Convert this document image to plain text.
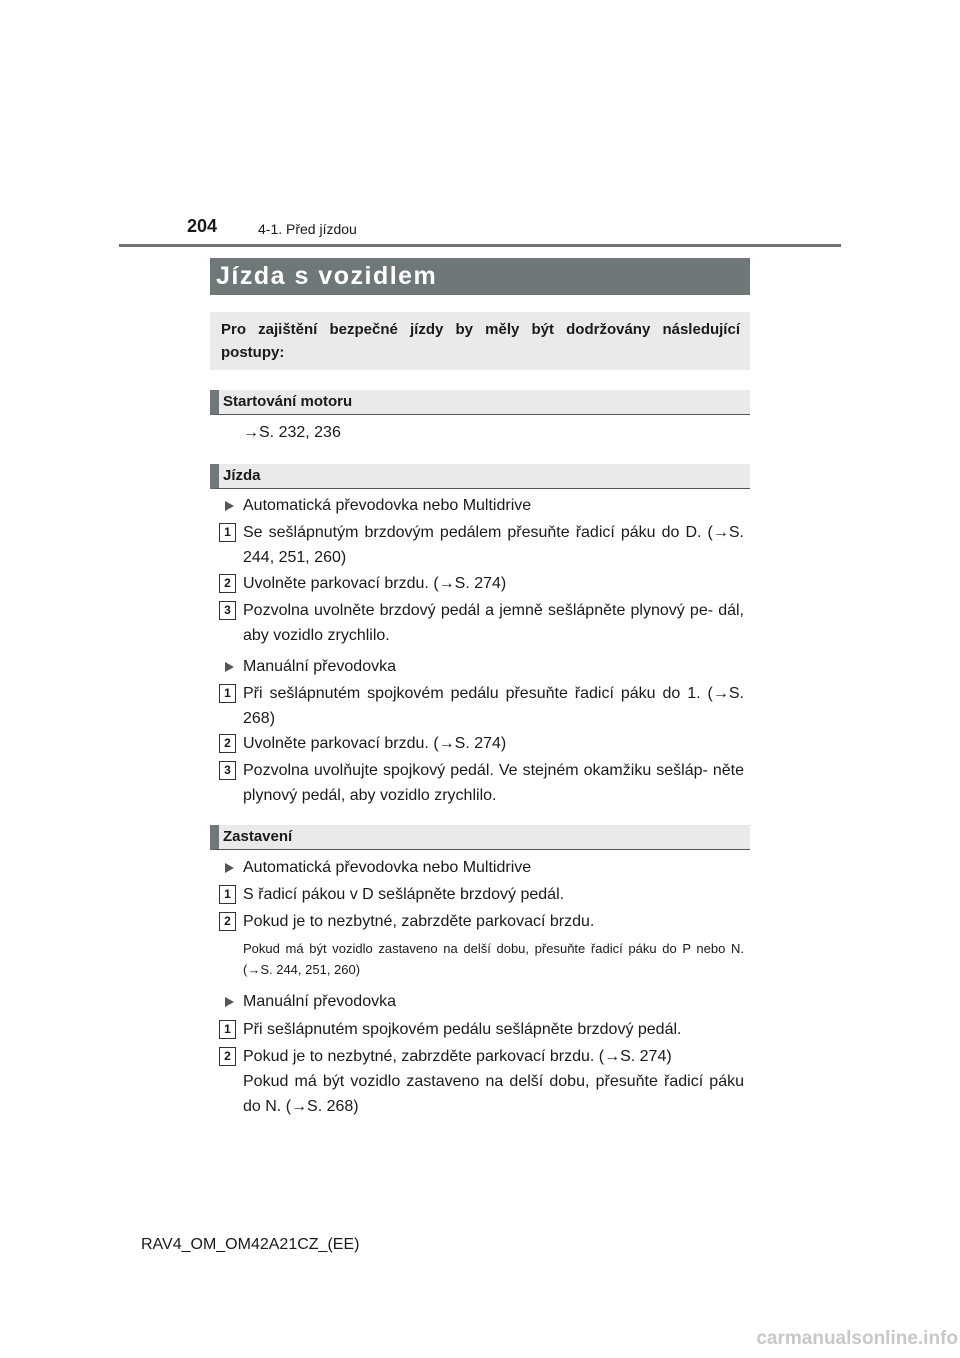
204	4-1. Před jízdou
Jízda s vozidlem
Pro zajištění bezpečné jízdy by měly být dodržovány následující postupy:
Startování motoru
→S. 232, 236
Jízda
Automatická převodovka nebo Multidrive
1 Se sešlápnutým brzdovým pedálem přesuňte řadicí páku do D. (→S. 244, 251, 260)
2 Uvolněte parkovací brzdu. (→S. 274)
3 Pozvolna uvolněte brzdový pedál a jemně sešlápněte plynový pe- dál, aby vozidlo zrychlilo.
Manuální převodovka
1 Při sešlápnutém spojkovém pedálu přesuňte řadicí páku do 1. (→S. 268)
2 Uvolněte parkovací brzdu. (→S. 274)
3 Pozvolna uvolňujte spojkový pedál. Ve stejném okamžiku sešláp- něte plynový pedál, aby vozidlo zrychlilo.
Zastavení
Automatická převodovka nebo Multidrive
1 S řadicí pákou v D sešlápněte brzdový pedál.
2 Pokud je to nezbytné, zabrzděte parkovací brzdu.
Pokud má být vozidlo zastaveno na delší dobu, přesuňte řadicí páku do P nebo N. (→S. 244, 251, 260)
Manuální převodovka
1 Při sešlápnutém spojkovém pedálu sešlápněte brzdový pedál.
2 Pokud je to nezbytné, zabrzděte parkovací brzdu. (→S. 274)
Pokud má být vozidlo zastaveno na delší dobu, přesuňte řadicí páku do N. (→S. 268)
RAV4_OM_OM42A21CZ_(EE)
carmanualsonline.info
